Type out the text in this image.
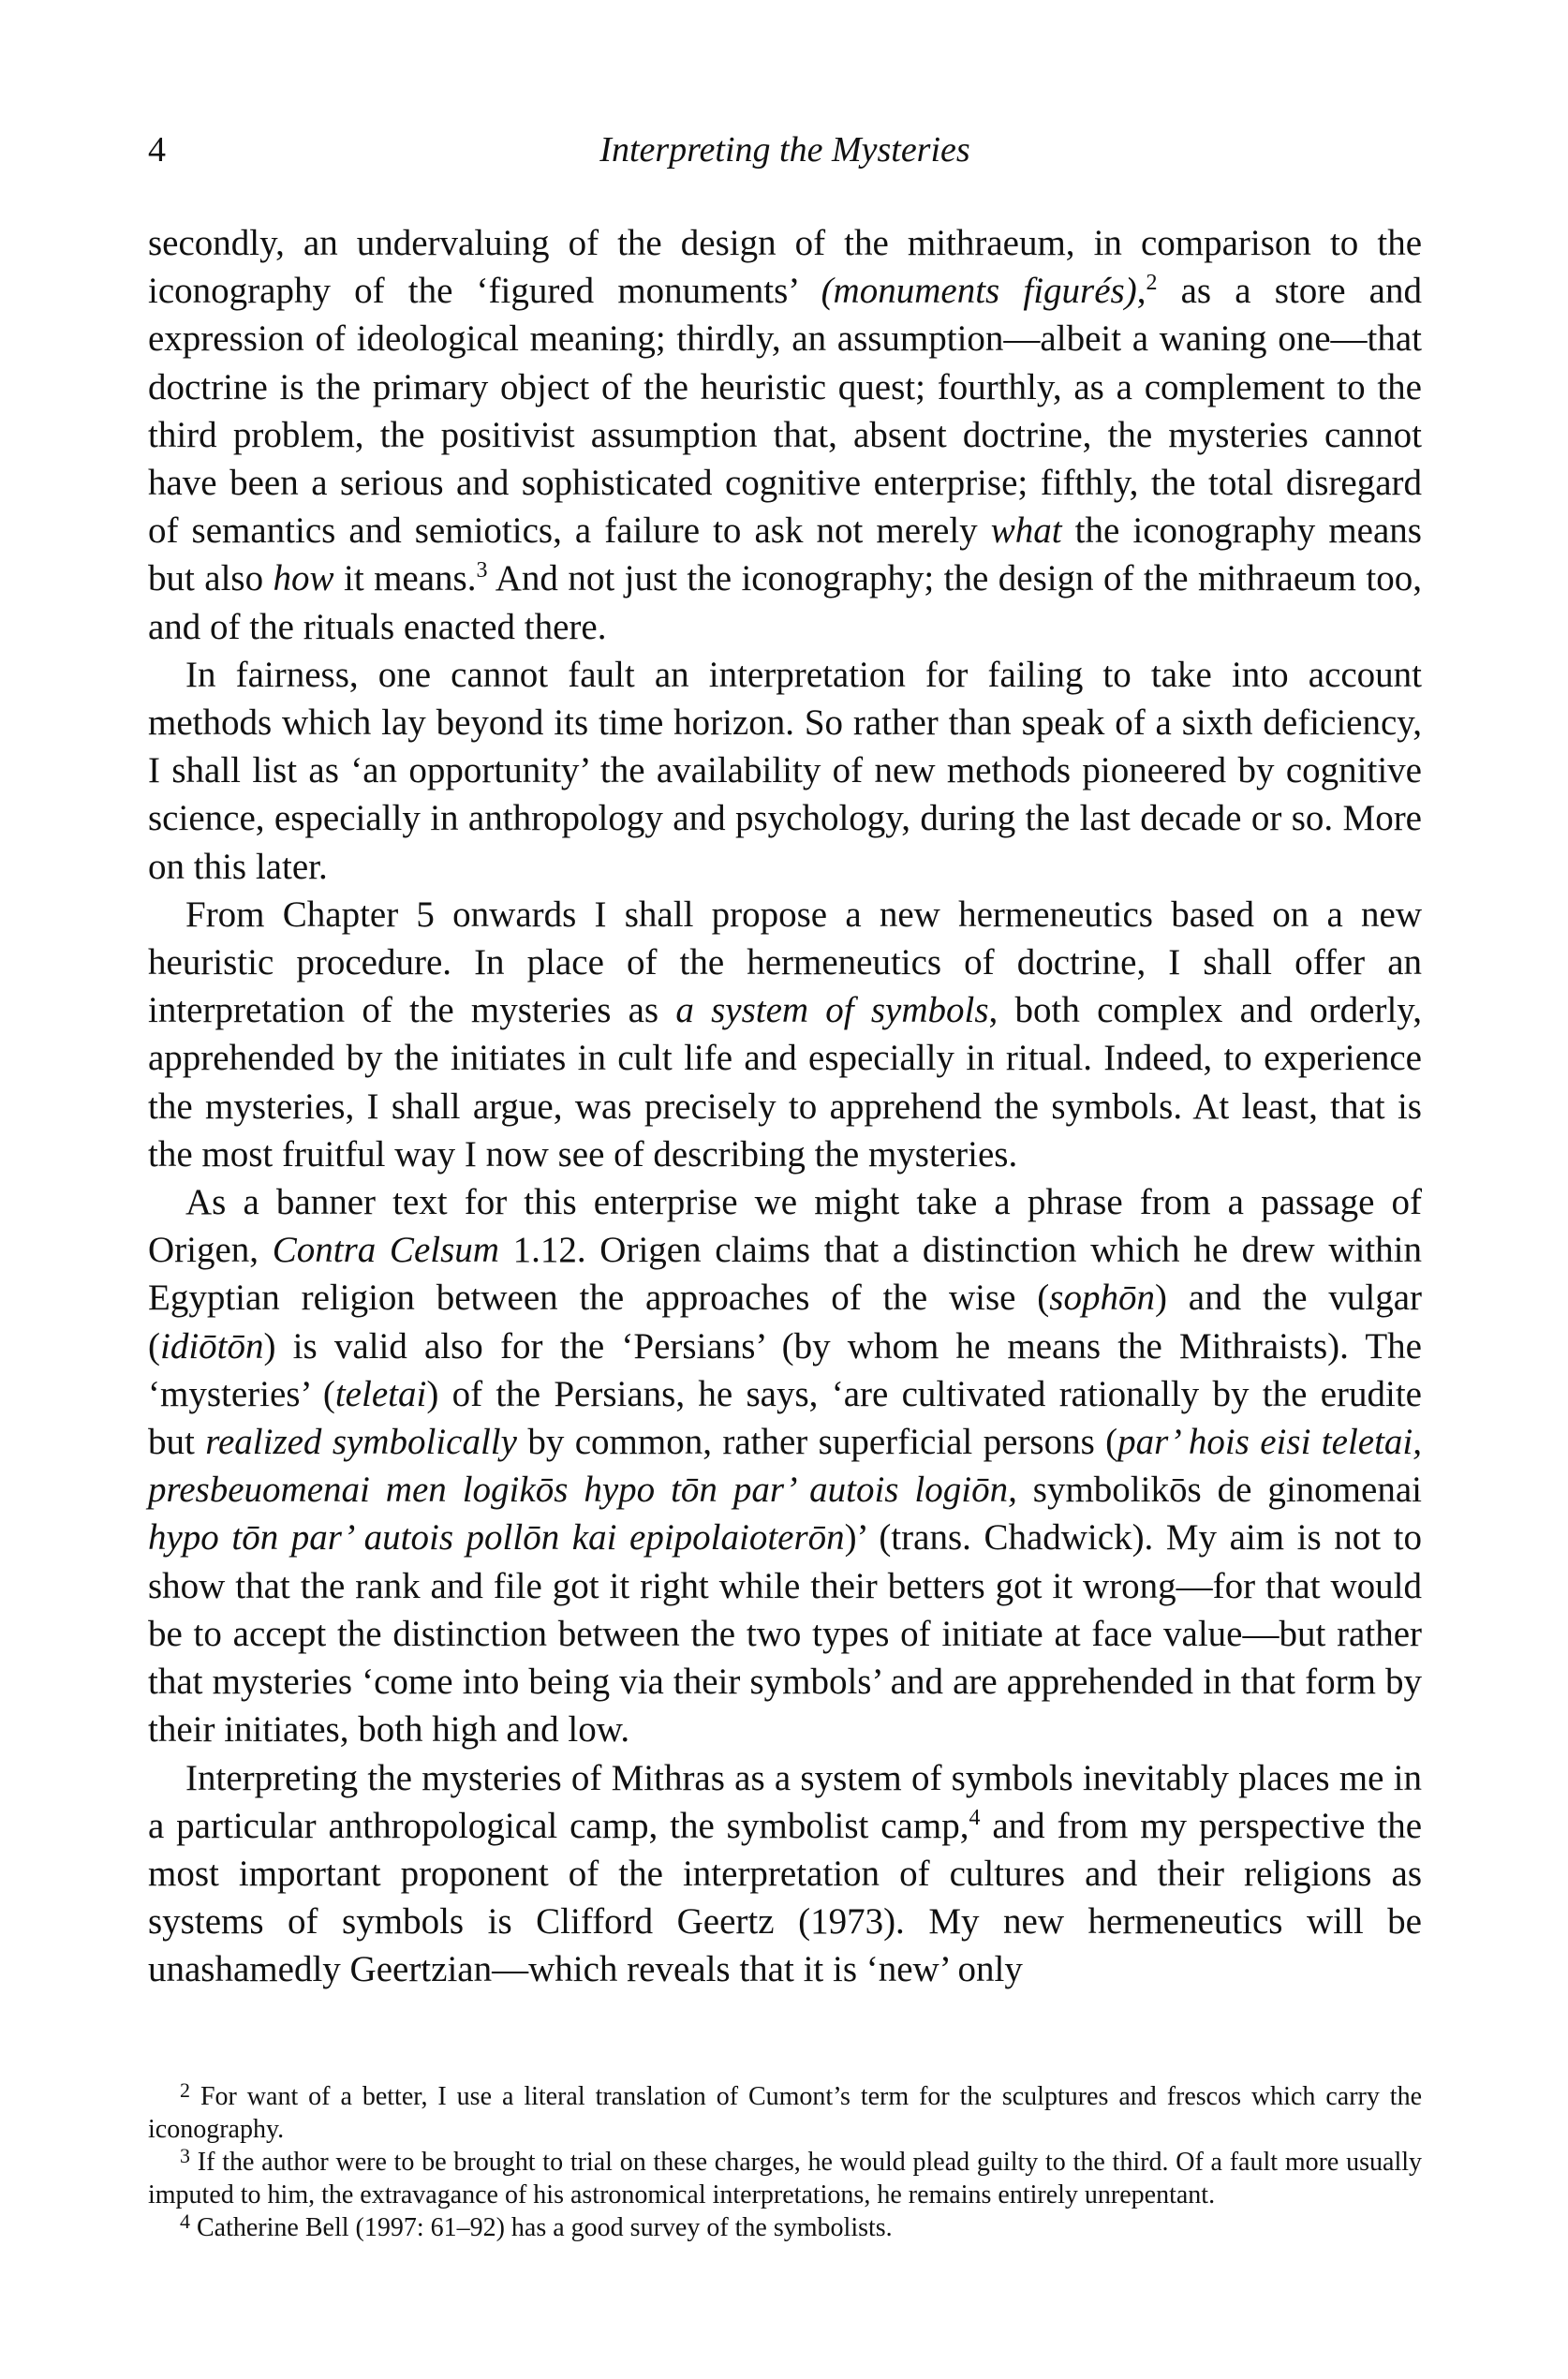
4	Interpreting the Mysteries

secondly, an undervaluing of the design of the mithraeum, in comparison to the iconography of the ‘figured monuments’ (monuments figurés),$^2$ as a store and expression of ideological meaning; thirdly, an assumption—albeit a waning one—that doctrine is the primary object of the heuristic quest; fourthly, as a complement to the third problem, the positivist assumption that, absent doctrine, the mysteries cannot have been a serious and sophisticated cognitive enterprise; fifthly, the total disregard of semantics and semiotics, a failure to ask not merely what the iconography means but also how it means.$^3$ And not just the iconography; the design of the mithraeum too, and of the rituals enacted there.

In fairness, one cannot fault an interpretation for failing to take into account methods which lay beyond its time horizon. So rather than speak of a sixth deficiency, I shall list as ‘an opportunity’ the availability of new methods pioneered by cognitive science, especially in anthropology and psychology, during the last decade or so. More on this later.

From Chapter 5 onwards I shall propose a new hermeneutics based on a new heuristic procedure. In place of the hermeneutics of doctrine, I shall offer an interpretation of the mysteries as a system of symbols, both complex and orderly, apprehended by the initiates in cult life and especially in ritual. Indeed, to experience the mysteries, I shall argue, was precisely to apprehend the symbols. At least, that is the most fruitful way I now see of describing the mysteries.

As a banner text for this enterprise we might take a phrase from a passage of Origen, Contra Celsum 1.12. Origen claims that a distinction which he drew within Egyptian religion between the approaches of the wise (sophōn) and the vulgar (idiōtōn) is valid also for the ‘Persians’ (by whom he means the Mithraists). The ‘mysteries’ (teletai) of the Persians, he says, ‘are cultivated rationally by the erudite but realized symbolically by common, rather superficial persons (par’ hois eisi teletai, presbeuomenai men logikōs hypo tōn par’ autois logiōn, symbolikōs de ginomenai hypo tōn par’ autois pollōn kai epipolaioterōn)’ (trans. Chadwick). My aim is not to show that the rank and file got it right while their betters got it wrong—for that would be to accept the distinction between the two types of initiate at face value—but rather that mysteries ‘come into being via their symbols’ and are apprehended in that form by their initiates, both high and low.

Interpreting the mysteries of Mithras as a system of symbols inevitably places me in a particular anthropological camp, the symbolist camp,$^4$ and from my perspective the most important proponent of the interpretation of cultures and their religions as systems of symbols is Clifford Geertz (1973). My new hermeneutics will be unashamedly Geertzian—which reveals that it is ‘new’ only

$^2$ For want of a better, I use a literal translation of Cumont’s term for the sculptures and frescos which carry the iconography.

$^3$ If the author were to be brought to trial on these charges, he would plead guilty to the third. Of a fault more usually imputed to him, the extravagance of his astronomical interpretations, he remains entirely unrepentant.

$^4$ Catherine Bell (1997: 61–92) has a good survey of the symbolists.
